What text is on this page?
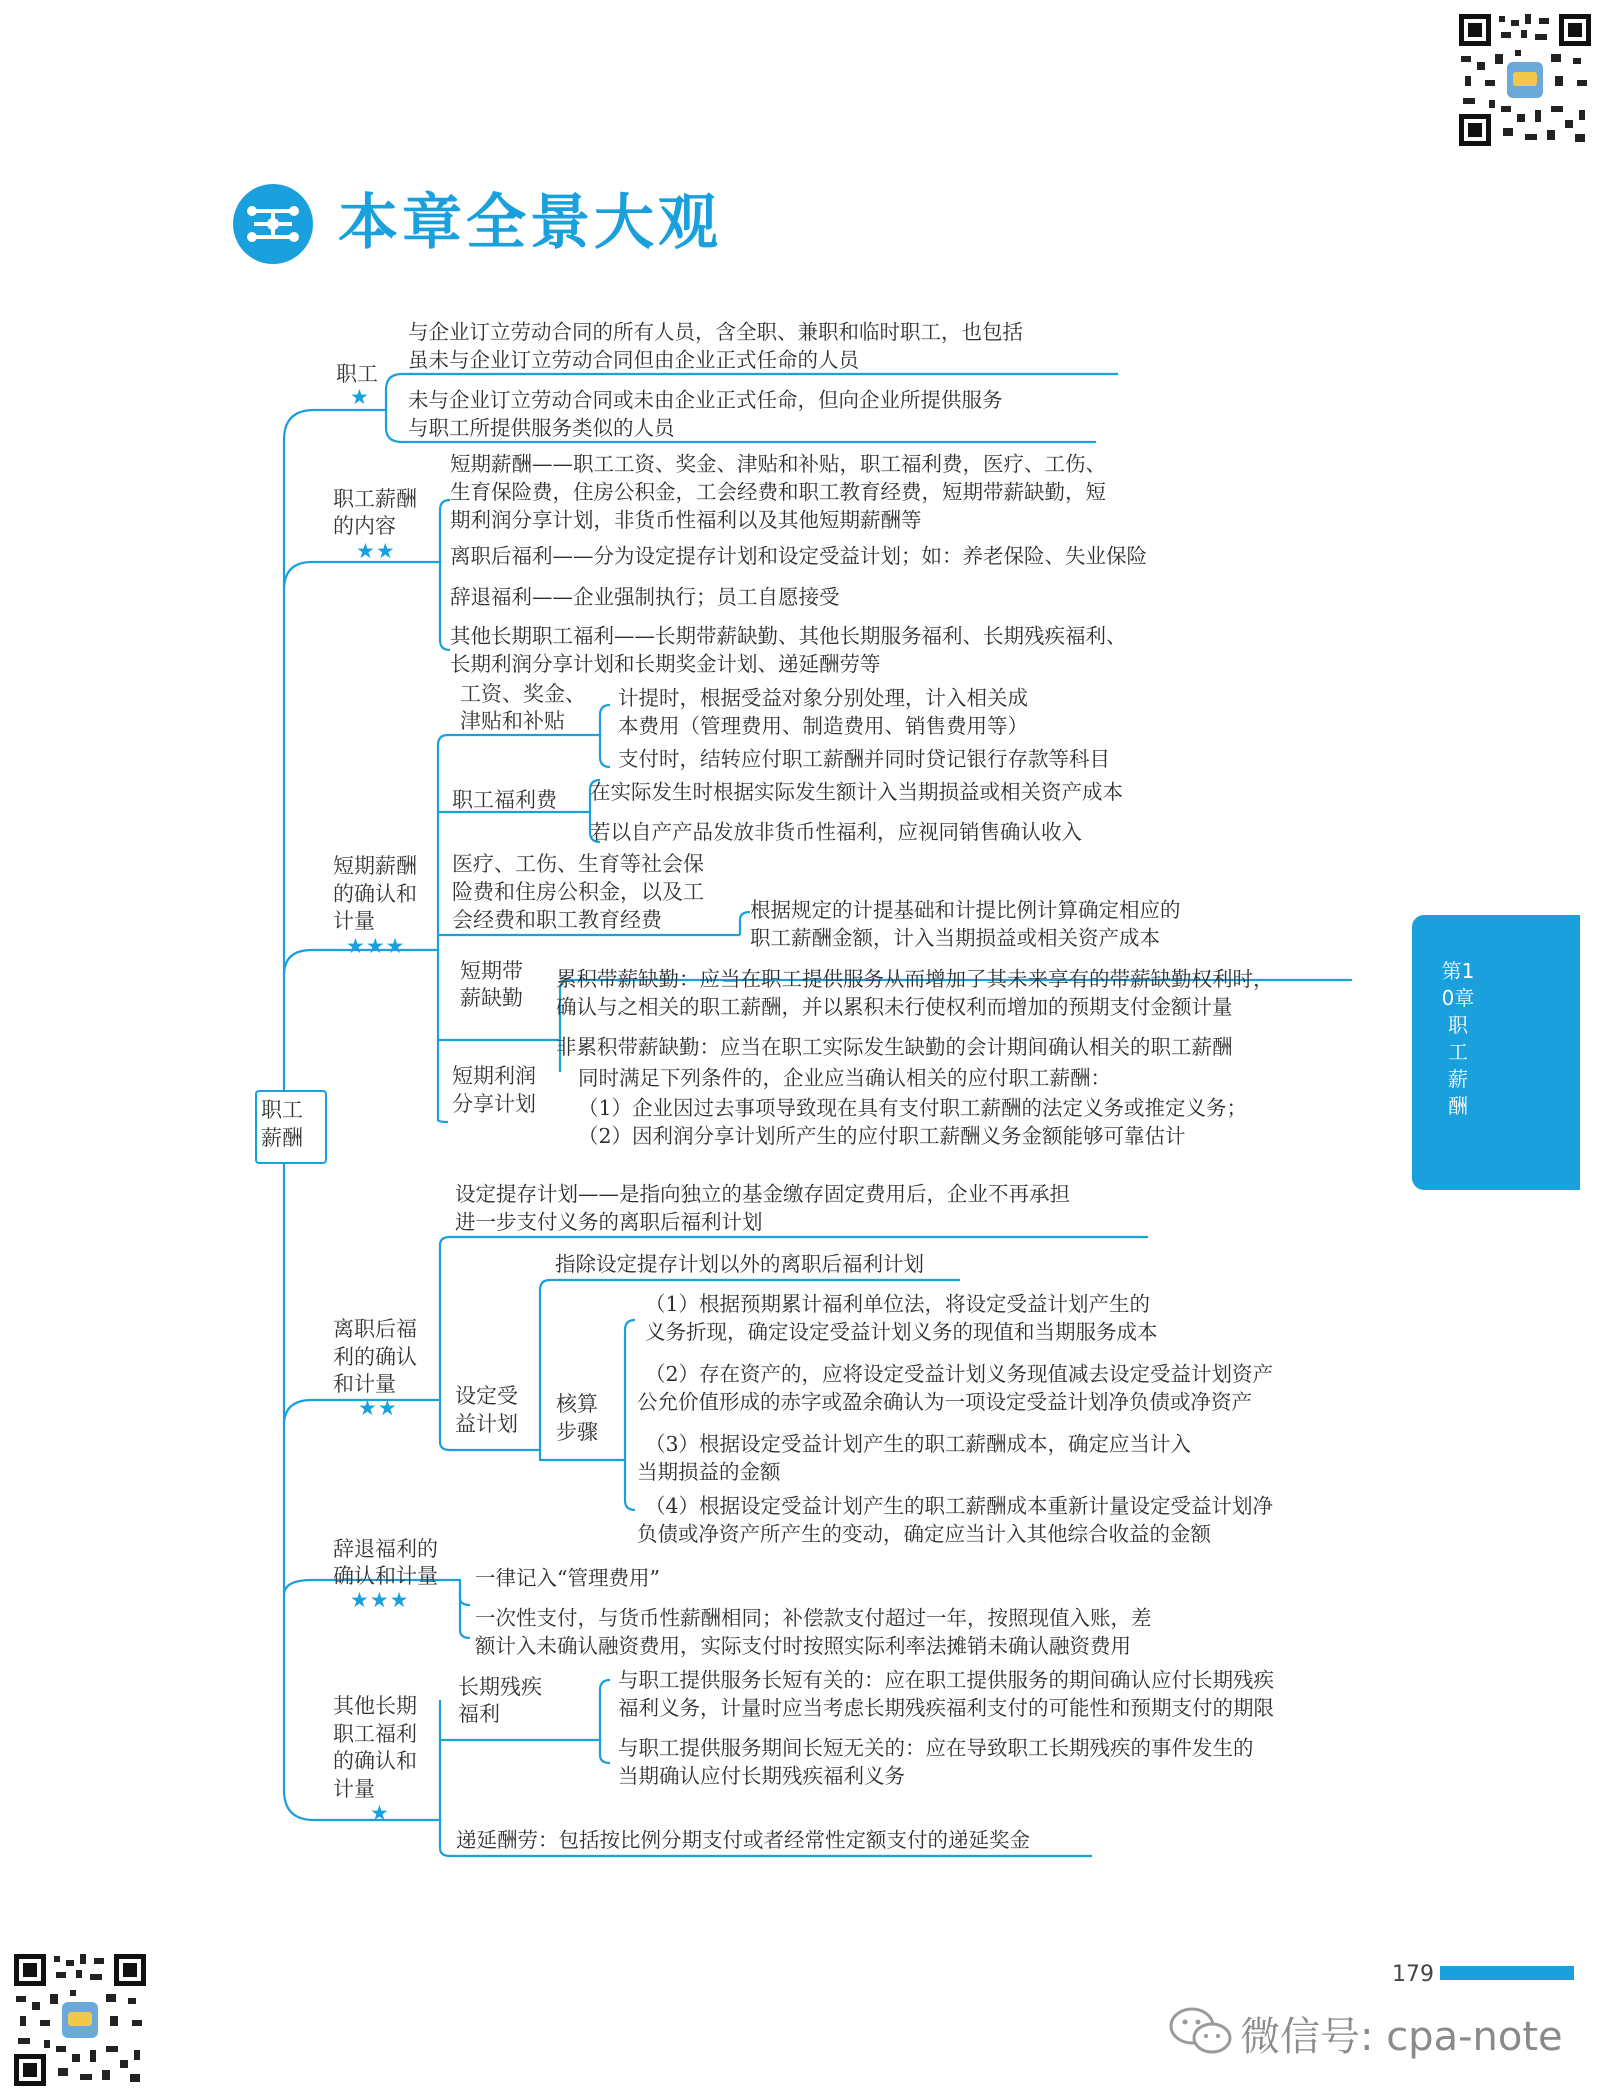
本章全景大观
第10章 职工薪酬
职工薪酬
职工
★
与企业订立劳动合同的所有人员，含全职、兼职和临时职工，也包括
虽未与企业订立劳动合同但由企业正式任命的人员
未与企业订立劳动合同或未由企业正式任命，但向企业所提供服务
与职工所提供服务类似的人员
职工薪酬
的内容
★★
短期薪酬——职工工资、奖金、津贴和补贴，职工福利费，医疗、工伤、
生育保险费，住房公积金，工会经费和职工教育经费，短期带薪缺勤，短
期利润分享计划，非货币性福利以及其他短期薪酬等
离职后福利——分为设定提存计划和设定受益计划；如：养老保险、失业保险
辞退福利——企业强制执行；员工自愿接受
其他长期职工福利——长期带薪缺勤、其他长期服务福利、长期残疾福利、
长期利润分享计划和长期奖金计划、递延酬劳等
短期薪酬
的确认和
计量
★★★
工资、奖金、
津贴和补贴
计提时，根据受益对象分别处理，计入相关成
本费用（管理费用、制造费用、销售费用等）
支付时，结转应付职工薪酬并同时贷记银行存款等科目
职工福利费 在实际发生时根据实际发生额计入当期损益或相关资产成本
若以自产产品发放非货币性福利，应视同销售确认收入
医疗、工伤、生育等社会保
险费和住房公积金，以及工
会经费和职工教育经费	根据规定的计提基础和计提比例计算确定相应的
职工薪酬金额，计入当期损益或相关资产成本
短期带
薪缺勤
累积带薪缺勤：应当在职工提供服务从而增加了其未来享有的带薪缺勤权利时，
确认与之相关的职工薪酬，并以累积未行使权利而增加的预期支付金额计量
非累积带薪缺勤：应当在职工实际发生缺勤的会计期间确认相关的职工薪酬
短期利润
分享计划
同时满足下列条件的，企业应当确认相关的应付职工薪酬：
（1）企业因过去事项导致现在具有支付职工薪酬的法定义务或推定义务；
（2）因利润分享计划所产生的应付职工薪酬义务金额能够可靠估计
离职后福
利的确认
和计量
★★
设定提存计划——是指向独立的基金缴存固定费用后，企业不再承担
进一步支付义务的离职后福利计划
设定受
益计划
指除设定提存计划以外的离职后福利计划
核算
步骤
（1）根据预期累计福利单位法，将设定受益计划产生的
义务折现，确定设定受益计划义务的现值和当期服务成本
（2）存在资产的，应将设定受益计划义务现值减去设定受益计划资产
公允价值形成的赤字或盈余确认为一项设定受益计划净负债或净资产
（3）根据设定受益计划产生的职工薪酬成本，确定应当计入
当期损益的金额
（4）根据设定受益计划产生的职工薪酬成本重新计量设定受益计划净
负债或净资产所产生的变动，确定应当计入其他综合收益的金额
辞退福利的
确认和计量
★★★
一律记入“管理费用”
一次性支付，与货币性薪酬相同；补偿款支付超过一年，按照现值入账，差
额计入未确认融资费用，实际支付时按照实际利率法摊销未确认融资费用
其他长期
职工福利
的确认和
计量
★
长期残疾
福利
与职工提供服务长短有关的：应在职工提供服务的期间确认应付长期残疾
福利义务，计量时应当考虑长期残疾福利支付的可能性和预期支付的期限
与职工提供服务期间长短无关的：应在导致职工长期残疾的事件发生的
当期确认应付长期残疾福利义务
递延酬劳：包括按比例分期支付或者经常性定额支付的递延奖金
179
微信号: cpa-note
